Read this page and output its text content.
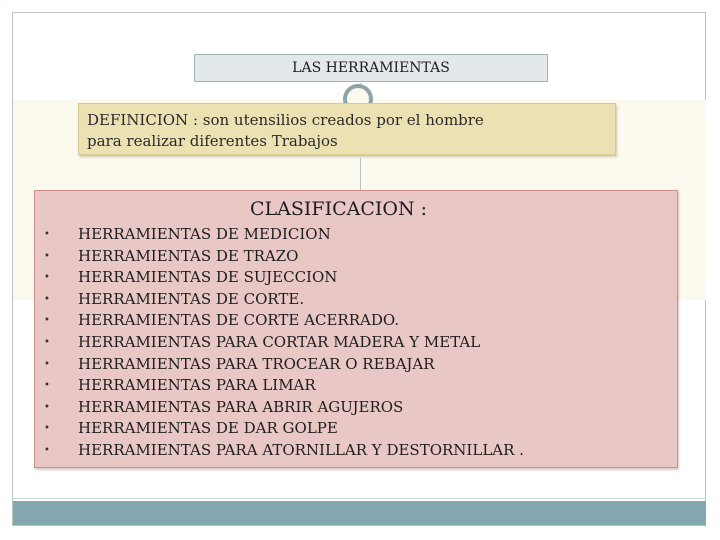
LAS HERRAMIENTAS
DEFINICION : son utensilios creados por el hombre
para realizar diferentes Trabajos
CLASIFICACION :
• HERRAMIENTAS DE MEDICION
• HERRAMIENTAS DE TRAZO
• HERRAMIENTAS DE SUJECCION
• HERRAMIENTAS DE CORTE.
• HERRAMIENTAS DE CORTE ACERRADO.
• HERRAMIENTAS PARA CORTAR MADERA Y METAL
• HERRAMIENTAS PARA TROCEAR O REBAJAR
• HERRAMIENTAS PARA LIMAR
• HERRAMIENTAS PARA ABRIR AGUJEROS
• HERRAMIENTAS DE DAR GOLPE
• HERRAMIENTAS PARA ATORNILLAR Y DESTORNILLAR .
